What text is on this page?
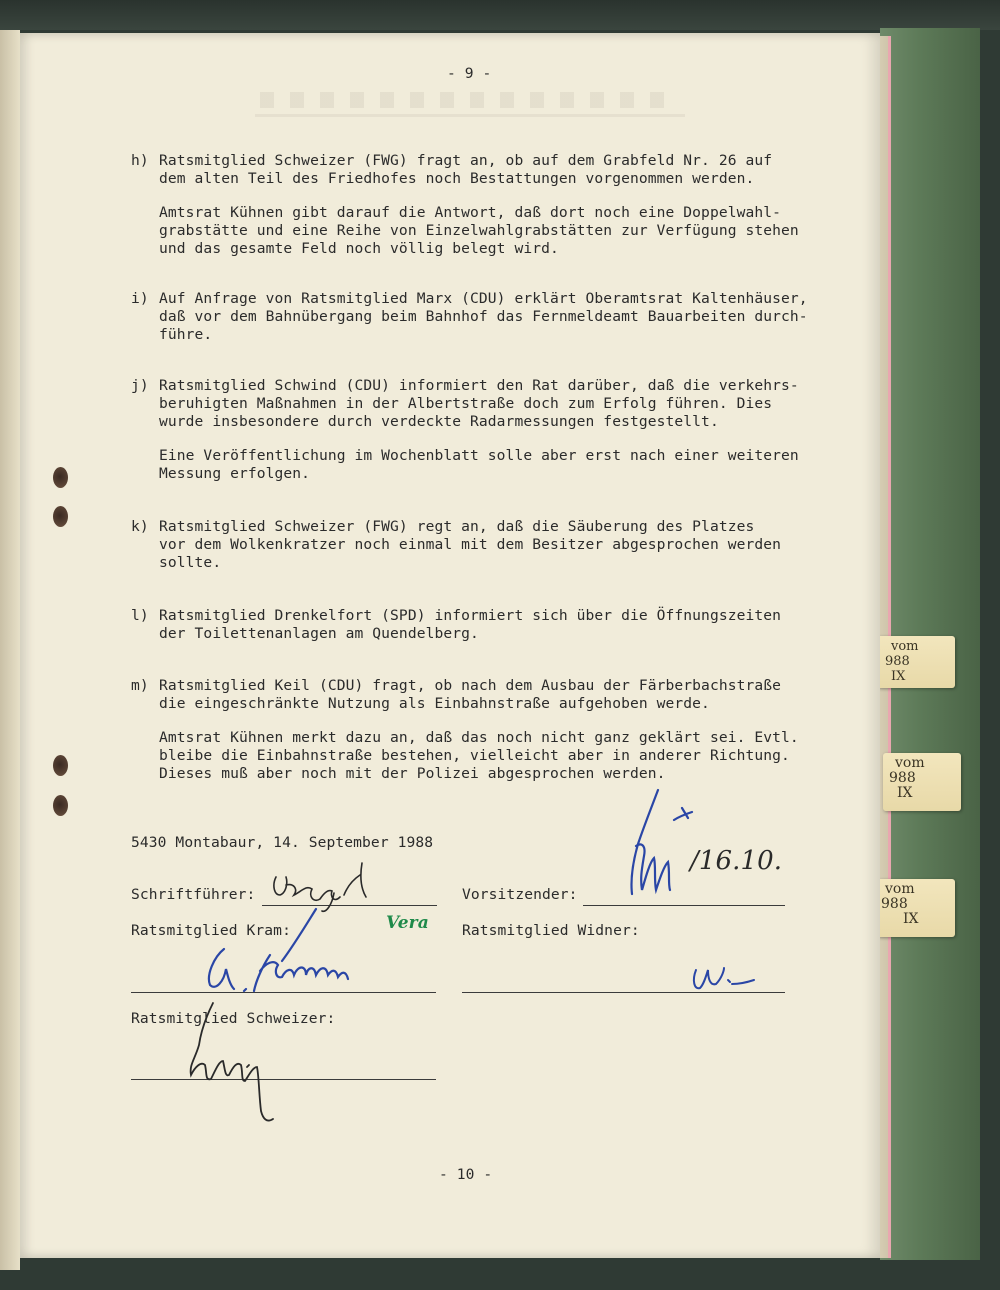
vom
988
IX
vom
988
IX
vom
988
IX
- 9 -
h) Ratsmitglied Schweizer (FWG) fragt an, ob auf dem Grabfeld Nr. 26 auf
dem alten Teil des Friedhofes noch Bestattungen vorgenommen werden.
Amtsrat Kühnen gibt darauf die Antwort, daß dort noch eine Doppelwahl-
grabstätte und eine Reihe von Einzelwahlgrabstätten zur Verfügung stehen
und das gesamte Feld noch völlig belegt wird.
i) Auf Anfrage von Ratsmitglied Marx (CDU) erklärt Oberamtsrat Kaltenhäuser,
daß vor dem Bahnübergang beim Bahnhof das Fernmeldeamt Bauarbeiten durch-
führe.
j) Ratsmitglied Schwind (CDU) informiert den Rat darüber, daß die verkehrs-
beruhigten Maßnahmen in der Albertstraße doch zum Erfolg führen. Dies
wurde insbesondere durch verdeckte Radarmessungen festgestellt.
Eine Veröffentlichung im Wochenblatt solle aber erst nach einer weiteren
Messung erfolgen.
k) Ratsmitglied Schweizer (FWG) regt an, daß die Säuberung des Platzes
vor dem Wolkenkratzer noch einmal mit dem Besitzer abgesprochen werden
sollte.
l) Ratsmitglied Drenkelfort (SPD) informiert sich über die Öffnungszeiten
der Toilettenanlagen am Quendelberg.
m) Ratsmitglied Keil (CDU) fragt, ob nach dem Ausbau der Färberbachstraße
die eingeschränkte Nutzung als Einbahnstraße aufgehoben werde.
Amtsrat Kühnen merkt dazu an, daß das noch nicht ganz geklärt sei. Evtl.
bleibe die Einbahnstraße bestehen, vielleicht aber in anderer Richtung.
Dieses muß aber noch mit der Polizei abgesprochen werden.
5430 Montabaur, 14. September 1988
Schriftführer:	Vorsitzender:
Ratsmitglied Kram:	Ratsmitglied Widner:
Ratsmitglied Schweizer:
/16.10.
Vera
- 10 -
